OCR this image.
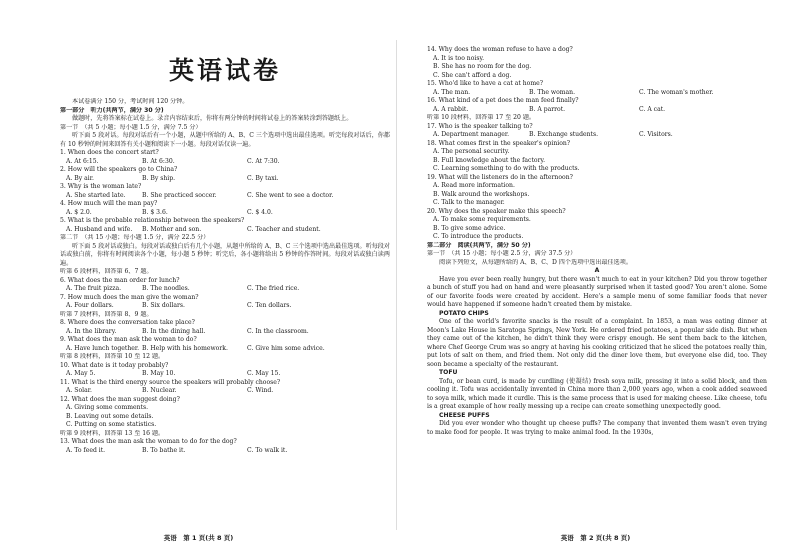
英语试卷
本试卷满分 150 分，考试时间 120 分钟。
第一部分　听力(共两节，满分 30 分)
做题时，先将答案标在试卷上。录音内容结束后，你将有两分钟的时间将试卷上的答案转涂到答题纸上。
第一节　（共 5 小题；每小题 1.5 分，满分 7.5 分）
听下面 5 段对话。每段对话后有一个小题，从题中所给的 A、B、C 三个选项中选出最佳选项。听完每段对话后，你都有 10 秒钟的时间来回答有关小题和阅读下一小题。每段对话仅读一遍。
1. When does the concert start?
A. At 6:15.	B. At 6:30.	C. At 7:30.
2. How will the speakers go to China?
A. By air.	B. By ship.	C. By taxi.
3. Why is the woman late?
A. She started late.	B. She practiced soccer.	C. She went to see a doctor.
4. How much will the man pay?
A. $ 2.0.	B. $ 3.6.	C. $ 4.0.
5. What is the probable relationship between the speakers?
A. Husband and wife.	B. Mother and son.	C. Teacher and student.
第二节　（共 15 小题；每小题 1.5 分，满分 22.5 分）
听下面 5 段对话或独白。每段对话或独白后有几个小题，从题中所给的 A、B、C 三个选项中选出最佳选项。听每段对话或独白前，你将有时间阅读各个小题，每小题 5 秒钟；听完后，各小题将给出 5 秒钟的作答时间。每段对话或独白读两遍。
听第 6 段材料，回答第 6、7 题。
6. What does the man order for lunch?
A. The fruit pizza.	B. The noodles.	C. The fried rice.
7. How much does the man give the woman?
A. Four dollars.	B. Six dollars.	C. Ten dollars.
听第 7 段材料，回答第 8、9 题。
8. Where does the conversation take place?
A. In the library.	B. In the dining hall.	C. In the classroom.
9. What does the man ask the woman to do?
A. Have lunch together. B. Help with his homework.	C. Give him some advice.
听第 8 段材料，回答第 10 至 12 题。
10. What date is it today probably?
A. May 5.	B. May 10.	C. May 15.
11. What is the third energy source the speakers will probably choose?
A. Solar.	B. Nuclear.	C. Wind.
12. What does the man suggest doing?
A. Giving some comments.
B. Leaving out some details.
C. Putting on some statistics.
听第 9 段材料，回答第 13 至 16 题。
13. What does the man ask the woman to do for the dog?
A. To feed it.	B. To bathe it.	C. To walk it.
英语　第 1 页(共 8 页)
14. Why does the woman refuse to have a dog?
A. It is too noisy.
B. She has no room for the dog.
C. She can't afford a dog.
15. Who'd like to have a cat at home?
A. The man.	B. The woman.	C. The woman's mother.
16. What kind of a pet does the man feed finally?
A. A rabbit.	B. A parrot.	C. A cat.
听第 10 段材料，回答第 17 至 20 题。
17. Who is the speaker talking to?
A. Department manager.	B. Exchange students.	C. Visitors.
18. What comes first in the speaker's opinion?
A. The personal security.
B. Full knowledge about the factory.
C. Learning something to do with the products.
19. What will the listeners do in the afternoon?
A. Read more information.
B. Walk around the workshops.
C. Talk to the manager.
20. Why does the speaker make this speech?
A. To make some requirements.
B. To give some advice.
C. To introduce the products.
第二部分　阅读(共两节，满分 50 分)
第一节　（共 15 小题；每小题 2.5 分，满分 37.5 分）
阅读下列短文，从每题所给的 A、B、C、D 四个选项中选出最佳选项。
A
Have you ever been really hungry, but there wasn't much to eat in your kitchen? Did you throw together a bunch of stuff you had on hand and were pleasantly surprised when it tasted good? You aren't alone. Some of our favorite foods were created by accident. Here's a sample menu of some familiar foods that never would have happened if someone hadn't created them by mistake.
POTATO CHIPS
One of the world's favorite snacks is the result of a complaint. In 1853, a man was eating dinner at Moon's Lake House in Saratoga Springs, New York. He ordered fried potatoes, a popular side dish. But when they came out of the kitchen, he didn't think they were crispy enough. He sent them back to the kitchen, where Chef George Crum was so angry at having his cooking criticized that he sliced the potatoes really thin, put lots of salt on them, and fried them. Not only did the diner love them, but everyone else did, too. They soon became a specialty of the restaurant.
TOFU
Tofu, or bean curd, is made by curdling (使凝结) fresh soya milk, pressing it into a solid block, and then cooling it. Tofu was accidentally invented in China more than 2,000 years ago, when a cook added seaweed to soya milk, which made it curdle. This is the same process that is used for making cheese. Like cheese, tofu is a great example of how really messing up a recipe can create something unexpectedly good.
CHEESE PUFFS
Did you ever wonder who thought up cheese puffs? The company that invented them wasn't even trying to make food for people. It was trying to make animal food. In the 1930s,
英语　第 2 页(共 8 页)
